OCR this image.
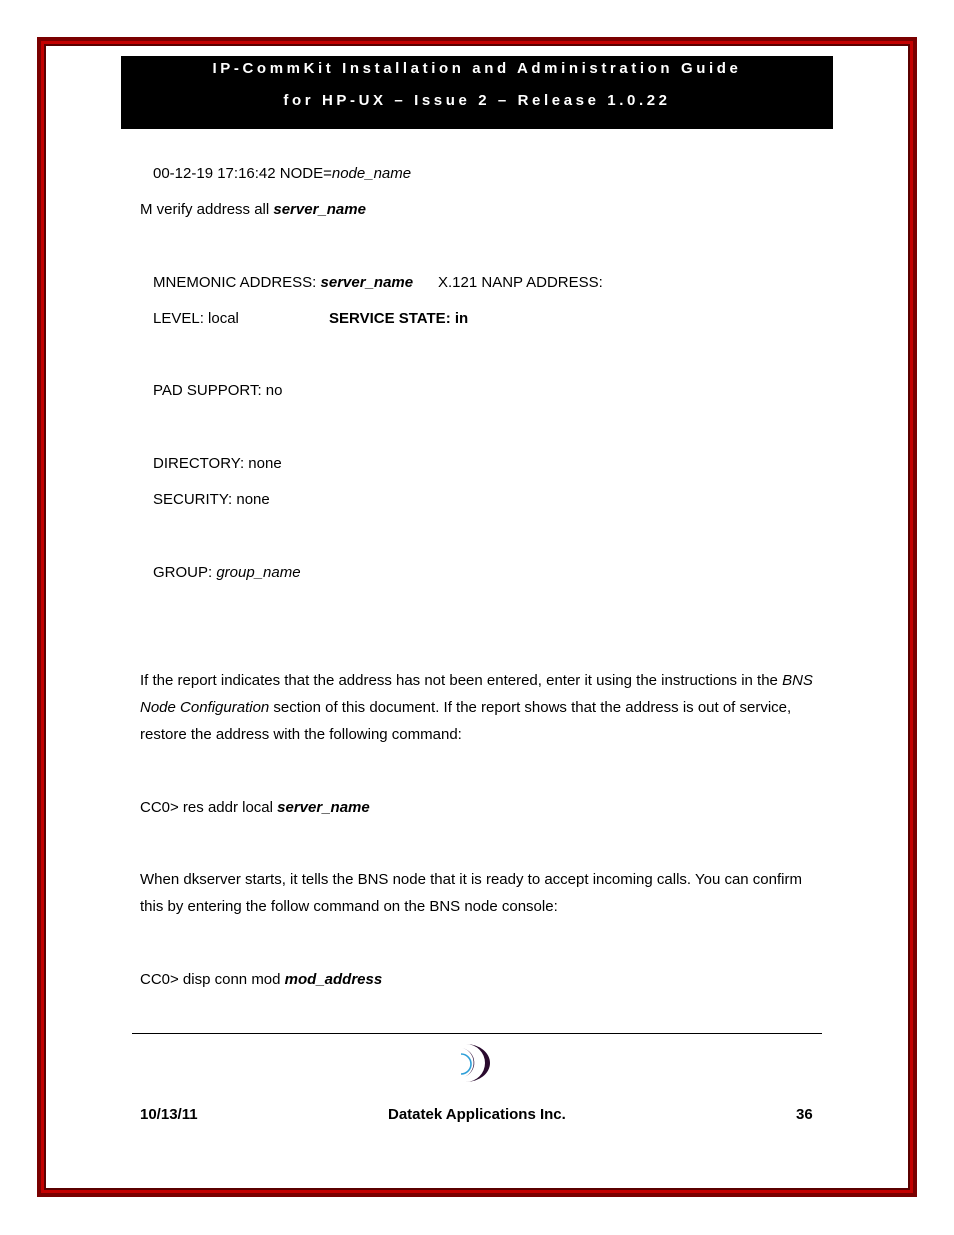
IP-CommKit Installation and Administration Guide
for HP-UX – Issue 2 – Release 1.0.22
00-12-19 17:16:42 NODE=node_name
M verify address all server_name
MNEMONIC ADDRESS: server_name X.121 NANP ADDRESS:
LEVEL: local	SERVICE STATE: in
PAD SUPPORT: no
DIRECTORY: none
SECURITY: none
GROUP: group_name
If the report indicates that the address has not been entered, enter it using the instructions in the BNS Node Configuration section of this document. If the report shows that the address is out of service, restore the address with the following command:
CC0> res addr local server_name
When dkserver starts, it tells the BNS node that it is ready to accept incoming calls. You can confirm this by entering the follow command on the BNS node console:
CC0> disp conn mod mod_address
10/13/11	Datatek Applications Inc.	36
